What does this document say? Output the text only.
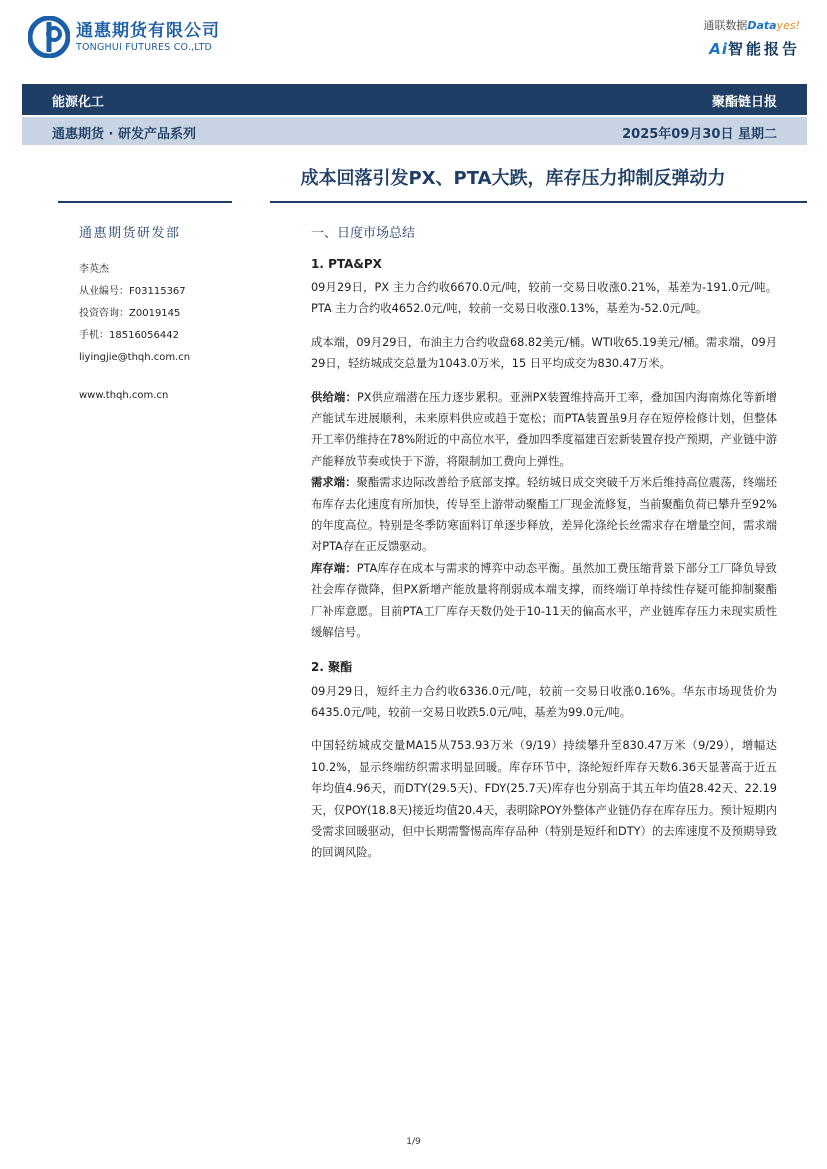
通惠期货有限公司
TONGHUI FUTURES CO.,LTD
通联数据Datayes!
Ai智能报告
能源化工	聚酯链日报
通惠期货 · 研发产品系列	2025年09月30日 星期二
成本回落引发PX、PTA大跌，库存压力抑制反弹动力
通惠期货研发部
李英杰
从业编号：F03115367
投资咨询：Z0019145
手机：18516056442
liyingjie@thqh.com.cn
www.thqh.com.cn
一、日度市场总结
1. PTA&PX

09月29日，PX 主力合约收6670.0元/吨，较前一交易日收涨0.21%，基差为-191.0元/吨。PTA 主力合约收4652.0元/吨，较前一交易日收涨0.13%，基差为-52.0元/吨。

成本端，09月29日，布油主力合约收盘68.82美元/桶。WTI收65.19美元/桶。需求端，09月29日，轻纺城成交总量为1043.0万米，15 日平均成交为830.47万米。

供给端：PX供应端潜在压力逐步累积。亚洲PX装置维持高开工率，叠加国内海南炼化等新增产能试车进展顺利，未来原料供应或趋于宽松；而PTA装置虽9月存在短停检修计划，但整体开工率仍维持在78%附近的中高位水平，叠加四季度福建百宏新装置存投产预期，产业链中游产能释放节奏或快于下游，将限制加工费向上弹性。

需求端：聚酯需求边际改善给予底部支撑。轻纺城日成交突破千万米后维持高位震荡，终端坯布库存去化速度有所加快，传导至上游带动聚酯工厂现金流修复，当前聚酯负荷已攀升至92%的年度高位。特别是冬季防寒面料订单逐步释放，差异化涤纶长丝需求存在增量空间，需求端对PTA存在正反馈驱动。

库存端：PTA库存在成本与需求的博弈中动态平衡。虽然加工费压缩背景下部分工厂降负导致社会库存微降，但PX新增产能放量将削弱成本端支撑，而终端订单持续性存疑可能抑制聚酯厂补库意愿。目前PTA工厂库存天数仍处于10-11天的偏高水平，产业链库存压力未现实质性缓解信号。

2. 聚酯

09月29日，短纤主力合约收6336.0元/吨，较前一交易日收涨0.16%。华东市场现货价为6435.0元/吨，较前一交易日收跌5.0元/吨，基差为99.0元/吨。

中国轻纺城成交量MA15从753.93万米（9/19）持续攀升至830.47万米（9/29），增幅达10.2%，显示终端纺织需求明显回暖。库存环节中，涤纶短纤库存天数6.36天显著高于近五年均值4.96天，而DTY(29.5天)、FDY(25.7天)库存也分别高于其五年均值28.42天、22.19天，仅POY(18.8天)接近均值20.4天，表明除POY外整体产业链仍存在库存压力。预计短期内受需求回暖驱动，但中长期需警惕高库存品种（特别是短纤和DTY）的去库速度不及预期导致的回调风险。

1/9
